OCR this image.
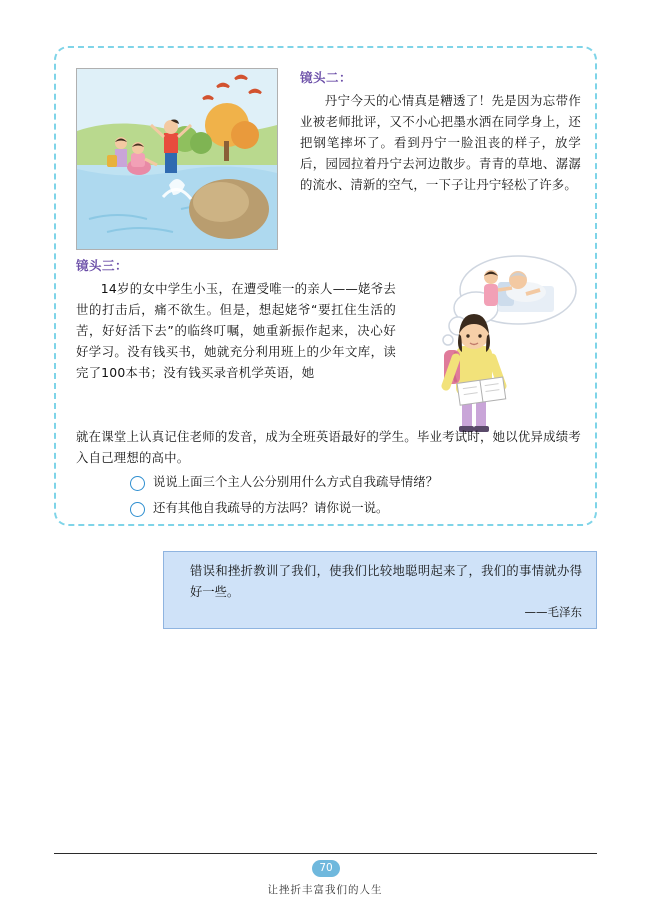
镜头二：
丹宁今天的心情真是糟透了！先是因为忘带作业被老师批评，又不小心把墨水洒在同学身上，还把钢笔摔坏了。看到丹宁一脸沮丧的样子，放学后，园园拉着丹宁去河边散步。青青的草地、潺潺的流水、清新的空气，一下子让丹宁轻松了许多。
镜头三：
14岁的女中学生小玉，在遭受唯一的亲人——姥爷去世的打击后，痛不欲生。但是，想起姥爷“要扛住生活的苦，好好活下去”的临终叮嘱，她重新振作起来，决心好好学习。没有钱买书，她就充分利用班上的少年文库，读完了100本书；没有钱买录音机学英语，她
就在课堂上认真记住老师的发音，成为全班英语最好的学生。毕业考试时，她以优异成绩考入自己理想的高中。
说说上面三个主人公分别用什么方式自我疏导情绪？
还有其他自我疏导的方法吗？请你说一说。
错误和挫折教训了我们，使我们比较地聪明起来了，我们的事情就办得好一些。
——毛泽东
70
让挫折丰富我们的人生
